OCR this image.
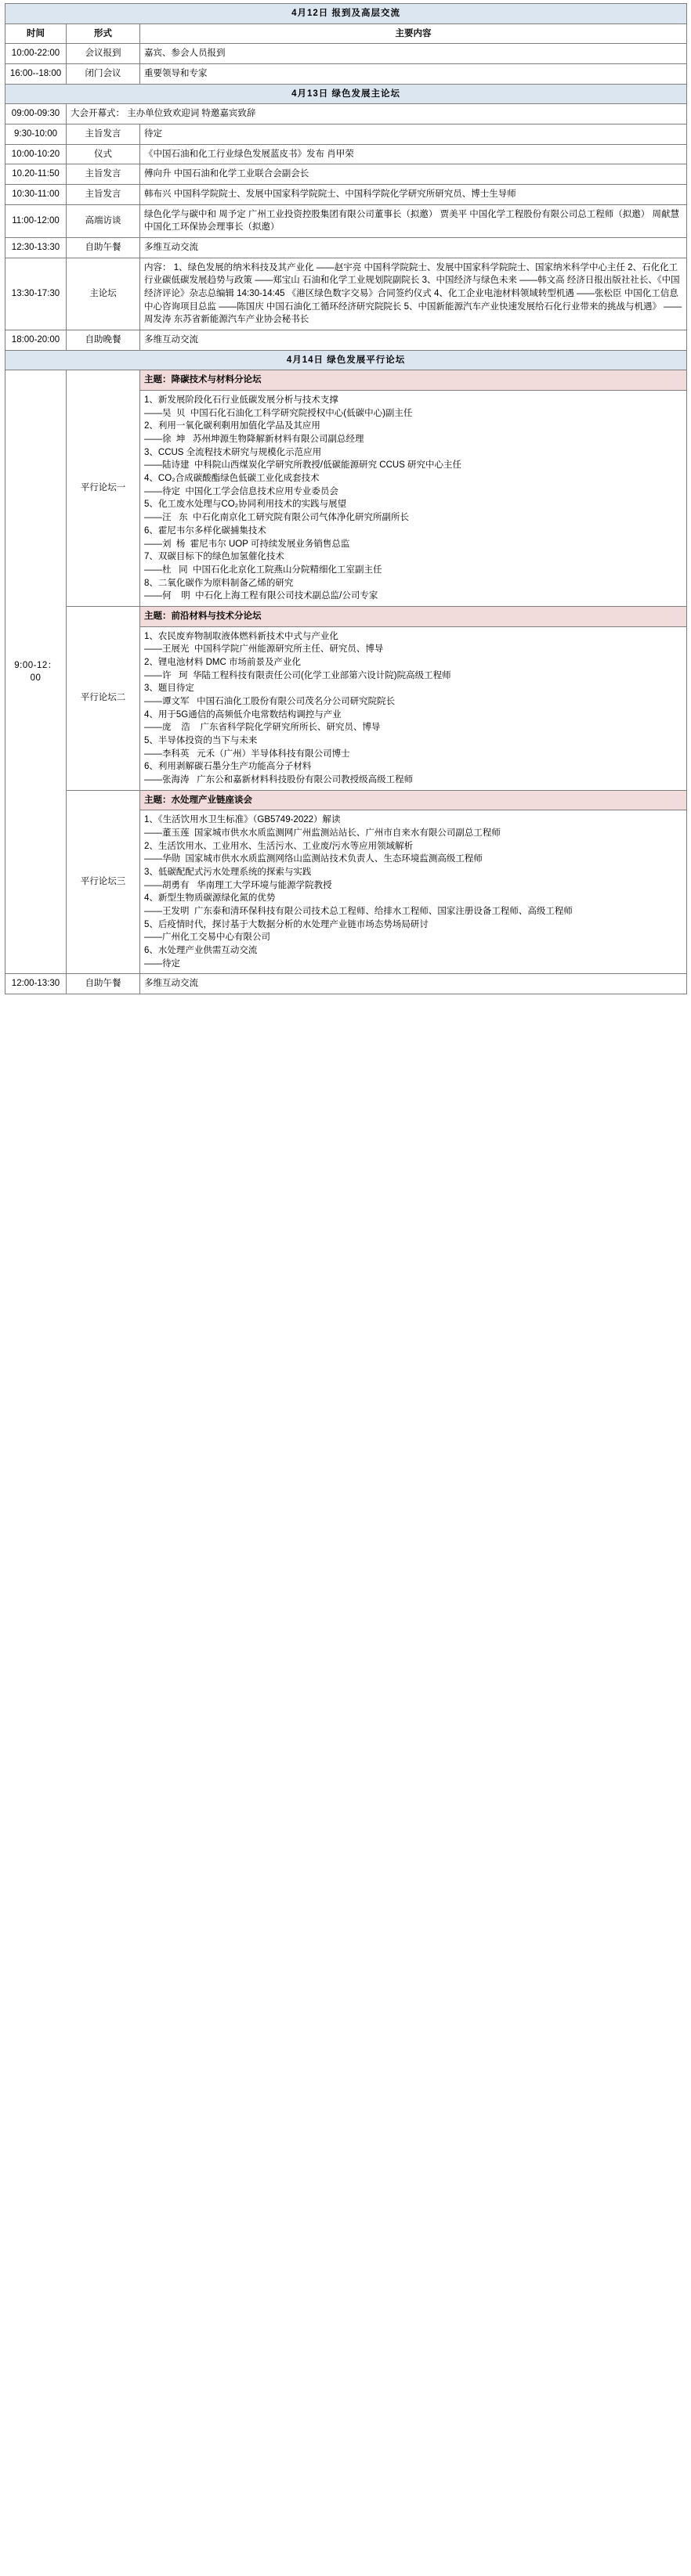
4月12日 报到及高层交流		
时间	形式	主要内容
10:00-22:00	会议报到	嘉宾、参会人员报到
16:00--18:00	闭门会议	重要领导和专家
4月13日 绿色发展主论坛		
09:00-09:30	大会开幕式： 主办单位致欢迎词 特邀嘉宾致辞	
9:30-10:00	主旨发言	待定
10:00-10:20	仪式	《中国石油和化工行业绿色发展蓝皮书》发布 肖甲荣
10.20-11:50	主旨发言	傅向升 中国石油和化学工业联合会副会长
10:30-11:00	主旨发言	韩布兴 中国科学院院士、发展中国家科学院院士、中国科学院化学研究所研究员、博士生导师
11:00-12:00	高端访谈	绿色化学与碳中和 周予定 广州工业投资控股集团有限公司董事长（拟邀） 贾美平 中国化学工程股份有限公司总工程师（拟邀） 周献慧 中国化工环保协会理事长（拟邀）
12:30-13:30	自助午餐	多维互动交流
13:30-17:30	主论坛	内容： 1、绿色发展的纳米科技及其产业化 ——赵宇亮 中国科学院院士、发展中国家科学院院士、国家纳米科学中心主任 2、石化化工行业碳低碳发展趋势与政策 ——郑宝山 石油和化学工业规划院副院长 3、中国经济与绿色未来 ——韩文高 经济日报出版社社长、《中国经济评论》杂志总编辑 14:30-14:45 《港区绿色数字交易》合同签约仪式 4、化工企业电池材料领域转型机遇 ——张松臣 中国化工信息中心咨询项目总监 ——陈国庆 中国石油化工循环经济研究院院长 5、中国新能源汽车产业快速发展给石化行业带来的挑战与机遇》 ——周发涛 东苏省新能源汽车产业协会秘书长
18:00-20:00	自助晚餐	多维互动交流
4月14日 绿色发展平行论坛		
9:00-12：00	平行论坛一	主题：降碳技术与材料分论坛

1、新发展阶段化石行业低碳发展分析与技术支撑
——吴  贝  中国石化石油化工科学研究院授权中心(低碳中心)副主任
2、利用一氧化碳利剩用加值化学品及其应用
——徐  坤   苏州坤源生物降解新材料有限公司副总经理
3、CCUS 全流程技术研究与规模化示范应用
——陆诗建  中科院山西煤炭化学研究所教授/低碳能源研究 CCUS 研究中心主任
4、CO₂合成碳酸酯绿色低碳工业化成套技术
——待定  中国化工学会信息技术应用专业委员会
5、化工废水处理与CO₂协同利用技术的实践与展望
——汪   东  中石化南京化工研究院有限公司气体净化研究所副所长
6、霍尼韦尔多样化碳捕集技术
——刘  杨  霍尼韦尔 UOP 可持续发展业务销售总监
7、双碳目标下的绿色加氢催化技术
——杜   同  中国石化北京化工院燕山分院精细化工室副主任
8、二氧化碳作为原料制备乙烯的研究
——何    明  中石化上海工程有限公司技术副总监/公司专家

	平行论坛二	主题：前沿材料与技术分论坛

1、农民废弃物制取液体燃料新技术中式与产业化
——王展光  中国科学院广州能源研究所主任、研究员、博导
2、锂电池材料 DMC 市场前景及产业化
——许   珂  华陆工程科技有限责任公司(化学工业部第六设计院)院高级工程师
3、题目待定
——谭文军   中国石油化工股份有限公司茂名分公司研究院院长
4、用于5G通信的高频低介电常数结构调控与产业
——庞    浩    广东省科学院化学研究所所长、研究员、博导
5、半导体投资的当下与未来
——李科英   元禾（广州）半导体科技有限公司博士
6、利用剥解碳石墨分生产功能高分子材料
——张海涛   广东公和嘉新材料科技股份有限公司教授级高级工程师

	平行论坛三	主题：水处理产业链座谈会

1、《生活饮用水卫生标准》（GB5749-2022）解读
——董玉莲  国家城市供水水质监测网广州监测站站长、广州市自来水有限公司副总工程师
2、生活饮用水、工业用水、生活污水、工业废/污水等应用领域解析
——华勋  国家城市供水水质监测网络山监测站技术负责人、生态环境监测高级工程师
3、低碳配配式污水处理系统的探索与实践
——胡勇有   华南理工大学环境与能源学院教授
4、新型生物质碳源绿化氮的优势
——王发明  广东泰和清环保科技有限公司技术总工程师、给排水工程师、国家注册设备工程师、高级工程师
5、后疫情时代，探讨基于大数据分析的水处理产业链市场态势场局研讨
——广州化工交易中心有限公司
6、水处理产业供需互动交流
——待定

12:00-13:30	自助午餐	多维互动交流
